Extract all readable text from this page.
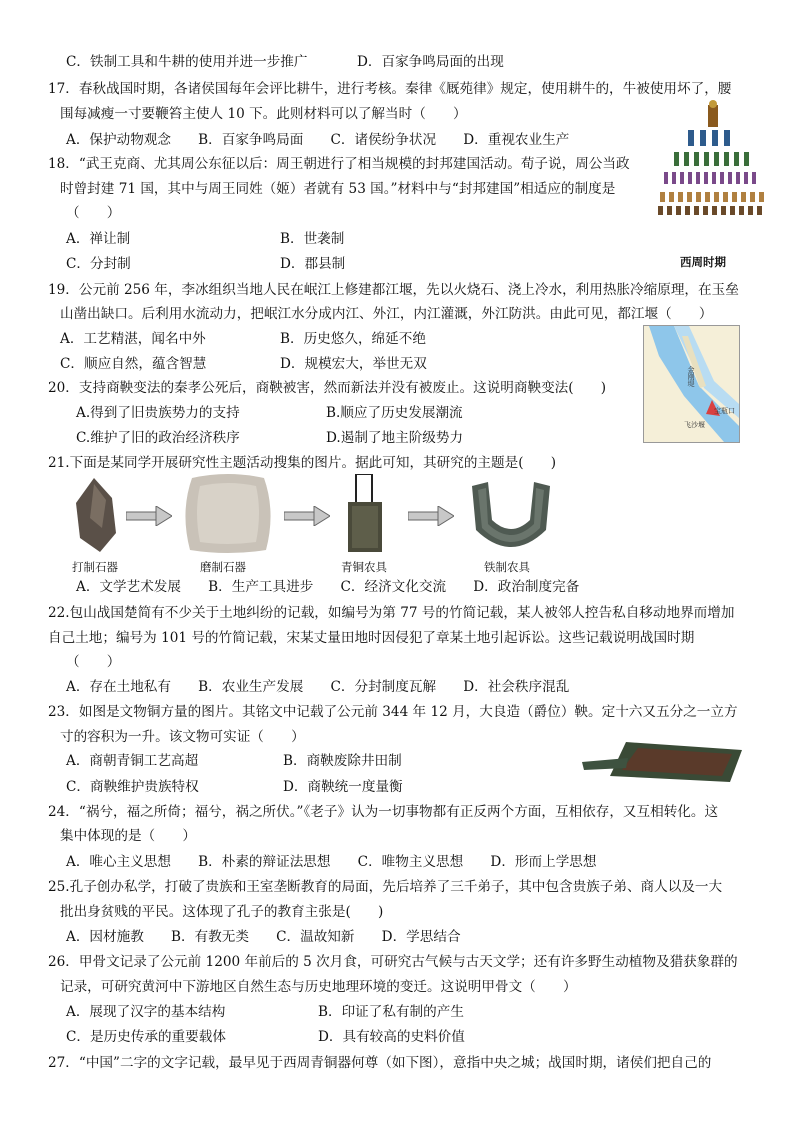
C．铁制工具和牛耕的使用并进一步推广	D．百家争鸣局面的出现
17．春秋战国时期，各诸侯国每年会评比耕牛，进行考核。秦律《厩苑律》规定，使用耕牛的，牛被使用坏了，腰
围每减瘦一寸要鞭笞主使人 10 下。此则材料可以了解当时（　　）
A．保护动物观念　　B．百家争鸣局面　　C．诸侯纷争状况　　D．重视农业生产
西周时期
18．“武王克商、尤其周公东征以后：周王朝进行了相当规模的封邦建国活动。荀子说，周公当政
时曾封建 71 国，其中与周王同姓（姬）者就有 53 国。”材料中与“封邦建国”相适应的制度是
（　　）
A．禅让制	B．世袭制
C．分封制	D．郡县制
19．公元前 256 年，李冰组织当地人民在岷江上修建都江堰，先以火烧石、浇上冷水，利用热胀冷缩原理，在玉垒
山凿出缺口。后利用水流动力，把岷江水分成内江、外江，内江灌溉，外江防洪。由此可见，都江堰（　　）
A．工艺精湛，闻名中外	B．历史悠久，绵延不绝
C．顺应自然，蕴含智慧	D．规模宏大，举世无双
宝瓶口
飞沙堰
金刚堤
20．支持商鞅变法的秦孝公死后，商鞅被害，然而新法并没有被废止。这说明商鞅变法(　　)
A.得到了旧贵族势力的支持	B.顺应了历史发展潮流
C.维护了旧的政治经济秩序	D.遏制了地主阶级势力
21.下面是某同学开展研究性主题活动搜集的图片。据此可知，其研究的主题是(　　)
打制石器	磨制石器	青铜农具	铁制农具
A．文学艺术发展　　B．生产工具进步　　C．经济文化交流　　D．政治制度完备
22.包山战国楚简有不少关于土地纠纷的记载，如编号为第 77 号的竹简记载，某人被邻人控告私自移动地界而增加
自己土地；编号为 101 号的竹简记载，宋某丈量田地时因侵犯了章某土地引起诉讼。这些记载说明战国时期
（　　）
A．存在土地私有　　B．农业生产发展　　C．分封制度瓦解　　D．社会秩序混乱
23．如图是文物铜方量的图片。其铭文中记载了公元前 344 年 12 月，大良造（爵位）鞅。定十六又五分之一立方
寸的容积为一升。该文物可实证（　　）
A．商朝青铜工艺高超	B．商鞅废除井田制
C．商鞅维护贵族特权	D．商鞅统一度量衡
24．“祸兮，福之所倚；福兮，祸之所伏。”《老子》认为一切事物都有正反两个方面，互相依存，又互相转化。这
集中体现的是（　　）
A．唯心主义思想　　B．朴素的辩证法思想　　C．唯物主义思想　　D．形而上学思想
25.孔子创办私学，打破了贵族和王室垄断教育的局面，先后培养了三千弟子，其中包含贵族子弟、商人以及一大
批出身贫贱的平民。这体现了孔子的教育主张是(　　)
A．因材施教　　B．有教无类　　C．温故知新　　D．学思结合
26．甲骨文记录了公元前 1200 年前后的 5 次月食，可研究古气候与古天文学；还有许多野生动植物及猎获象群的
记录，可研究黄河中下游地区自然生态与历史地理环境的变迁。这说明甲骨文（　　）
A．展现了汉字的基本结构	B．印证了私有制的产生
C．是历史传承的重要载体	D．具有较高的史料价值
27．“中国”二字的文字记载，最早见于西周青铜器何尊（如下图），意指中央之城；战国时期，诸侯们把自己的
